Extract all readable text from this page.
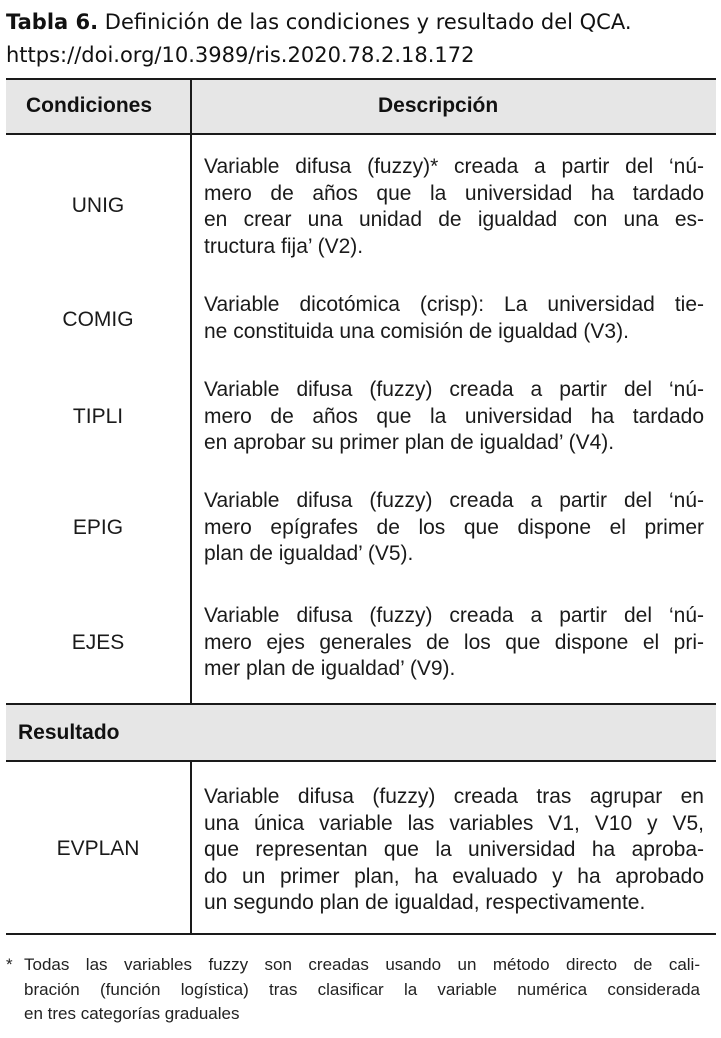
Tabla 6. Definición de las condiciones y resultado del QCA.
https://doi.org/10.3989/ris.2020.78.2.18.172
Condiciones	Descripción
UNIG
Variable difusa (fuzzy)* creada a partir del ‘nú-
mero de años que la universidad ha tardado
en crear una unidad de igualdad con una es-
tructura fija’ (V2).
COMIG
Variable dicotómica (crisp): La universidad tie-
ne constituida una comisión de igualdad (V3).
TIPLI
Variable difusa (fuzzy) creada a partir del ‘nú-
mero de años que la universidad ha tardado
en aprobar su primer plan de igualdad’ (V4).
EPIG
Variable difusa (fuzzy) creada a partir del ‘nú-
mero epígrafes de los que dispone el primer
plan de igualdad’ (V5).
EJES
Variable difusa (fuzzy) creada a partir del ‘nú-
mero ejes generales de los que dispone el pri-
mer plan de igualdad’ (V9).
Resultado
EVPLAN
Variable difusa (fuzzy) creada tras agrupar en
una única variable las variables V1, V10 y V5,
que representan que la universidad ha aproba-
do un primer plan, ha evaluado y ha aprobado
un segundo plan de igualdad, respectivamente.
* Todas las variables fuzzy son creadas usando un método directo de cali-
bración (función logística) tras clasificar la variable numérica considerada
en tres categorías graduales
